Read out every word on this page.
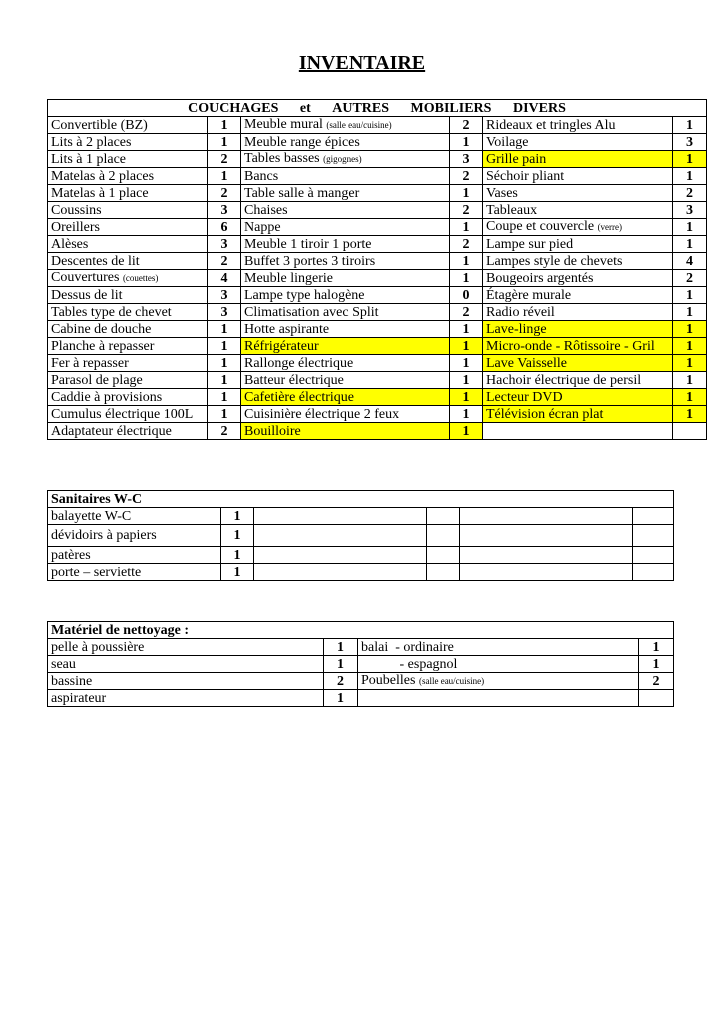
INVENTAIRE
COUCHAGES et AUTRES MOBILIERS DIVERS					
Convertible (BZ)	1	Meuble mural (salle eau/cuisine)	2	Rideaux et tringles Alu	1
Lits à 2 places	1	Meuble range épices	1	Voilage	3
Lits à 1 place	2	Tables basses (gigognes)	3	Grille pain	1
Matelas à 2 places	1	Bancs	2	Séchoir pliant	1
Matelas à 1 place	2	Table salle à manger	1	Vases	2
Coussins	3	Chaises	2	Tableaux	3
Oreillers	6	Nappe	1	Coupe et couvercle (verre)	1
Alèses	3	Meuble 1 tiroir 1 porte	2	Lampe sur pied	1
Descentes de lit	2	Buffet 3 portes 3 tiroirs	1	Lampes style de chevets	4
Couvertures (couettes)	4	Meuble lingerie	1	Bougeoirs argentés	2
Dessus de lit	3	Lampe type halogène	0	Étagère murale	1
Tables type de chevet	3	Climatisation avec Split	2	Radio réveil	1
Cabine de douche	1	Hotte aspirante	1	Lave-linge	1
Planche à repasser	1	Réfrigérateur	1	Micro-onde - Rôtissoire - Gril	1
Fer à repasser	1	Rallonge électrique	1	Lave Vaisselle	1
Parasol de plage	1	Batteur électrique	1	Hachoir électrique de persil	1
Caddie à provisions	1	Cafetière électrique	1	Lecteur DVD	1
Cumulus électrique 100L	1	Cuisinière électrique 2 feux	1	Télévision écran plat	1
Adaptateur électrique	2	Bouilloire	1		
Sanitaires W-C					
balayette W-C	1				
dévidoirs à papiers	1				
patères	1				
porte – serviette	1				
Matériel de nettoyage :			
pelle à poussière	1	balai  - ordinaire	1
seau	1	- espagnol	1
bassine	2	Poubelles (salle eau/cuisine)	2
aspirateur	1		
